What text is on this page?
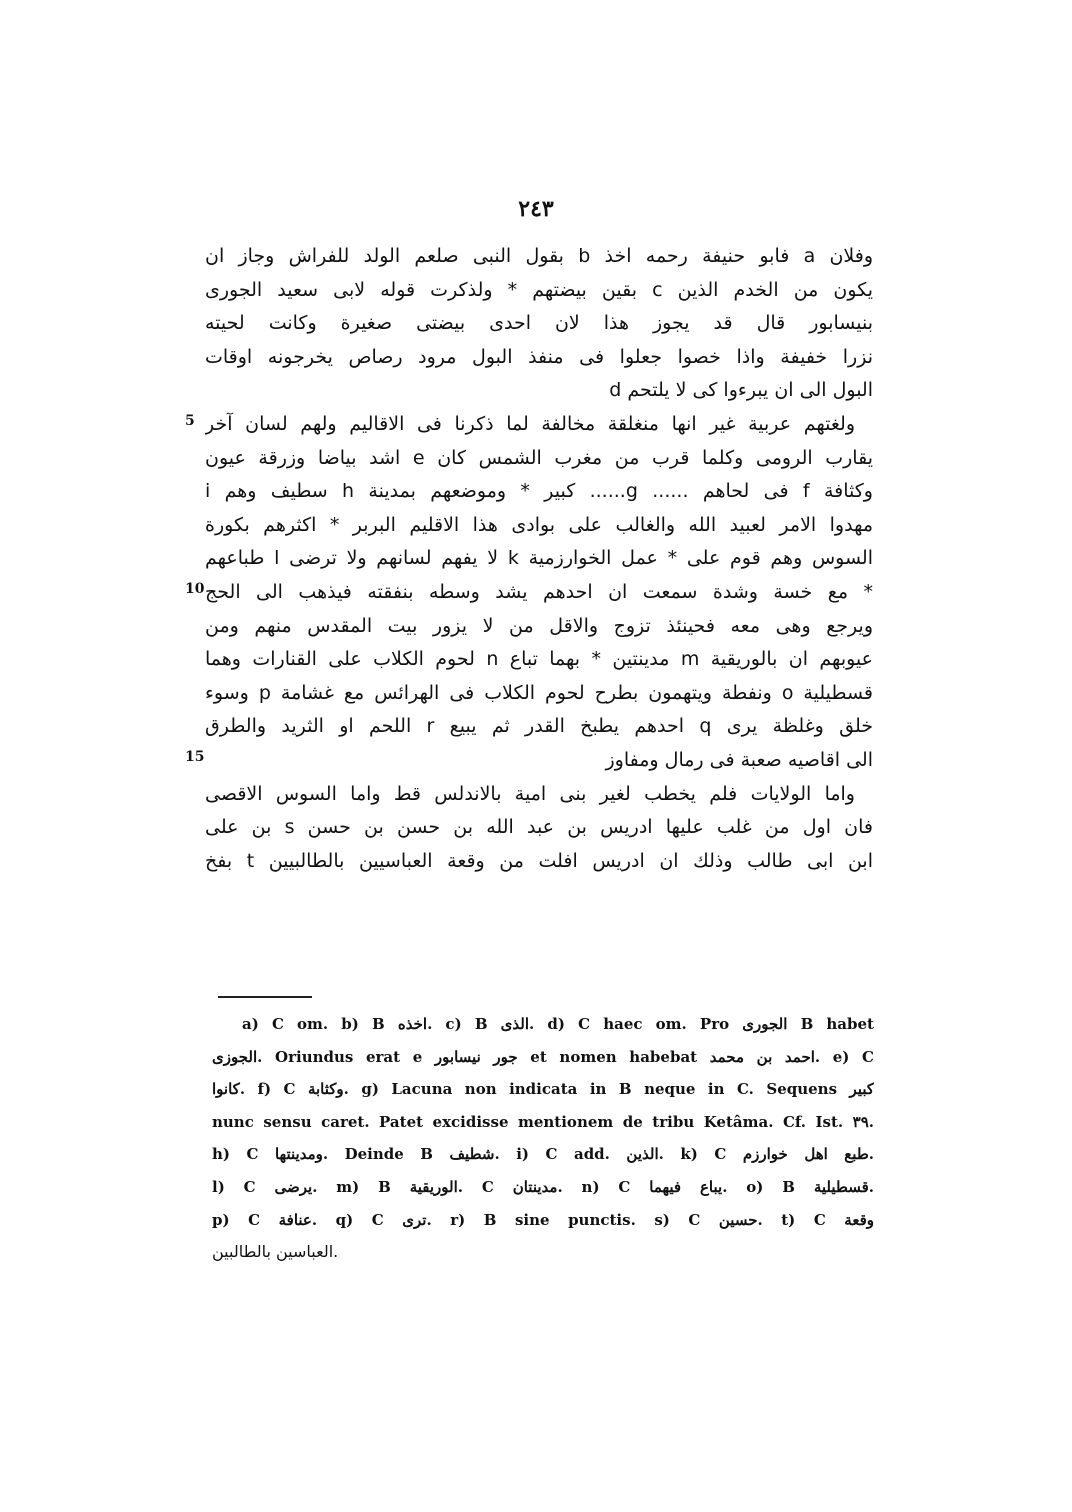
٢٤٣
وفلان a فابو حنيفة رحمه اخذ b بقول النبى صلعم الولد للفراش وجاز ان
يكون من الخدم الذين c بقين بيضتهم * ولذكرت قوله لابى سعيد الجورى
بنيسابور قال قد يجوز هذا لان احدى بيضتى صغيرة وكانت لحيته
نزرا خفيفة واذا خصوا جعلوا فى منفذ البول مرود رصاص يخرجونه اوقات
البول الى ان يبرءوا كى لا يلتحم d
ولغتهم عربية غير انها منغلقة مخالفة لما ذكرنا فى الاقاليم ولهم لسان آخر
يقارب الرومى وكلما قرب من مغرب الشمس كان e اشد بياضا وزرقة عيون
وكثافة f فى لحاهم ...... g...... كبير * وموضعهم بمدينة h سطيف وهم i
مهدوا الامر لعبيد الله والغالب على بوادى هذا الاقليم البربر * اكثرهم بكورة
السوس وهم قوم على * عمل الخوارزمية k لا يفهم لسانهم ولا ترضى l طباعهم
* مع خسة وشدة سمعت ان احدهم يشد وسطه بنفقته فيذهب الى الحج
ويرجع وهى معه فحينئذ تزوج والاقل من لا يزور بيت المقدس منهم ومن
عيوبهم ان بالوريقية m مدينتين * بهما تباع n لحوم الكلاب على القنارات وهما
قسطيلية o ونفطة ويتهمون بطرح لحوم الكلاب فى الهرائس مع غشامة p وسوء
خلق وغلظة يرى q احدهم يطبخ القدر ثم يبيع r اللحم او الثريد والطرق
الى اقاصيه صعبة فى رمال ومفاوز
واما الولايات فلم يخطب لغير بنى امية بالاندلس قط واما السوس الاقصى
فان اول من غلب عليها ادريس بن عبد الله بن حسن بن حسن s بن على
ابن ابى طالب وذلك ان ادريس افلت من وقعة العباسيين بالطالبيين t بفخ
5
10
15
a) C om. b) B اخذه. c) B الذى. d) C haec om. Pro الجورى B habet
الجوزى. Oriundus erat e جور نيسابور et nomen habebat احمد بن محمد. e) C
كانوا. f) C وكثابة. g) Lacuna non indicata in B neque in C. Sequens كبير
nunc sensu caret. Patet excidisse mentionem de tribu Ketâma. Cf. Ist. ٣٩.
h) C ومدينتها. Deinde B شطيف. i) C add. الذين. k) C طبع اهل خوارزم.
l) C يرضى. m) B الوريقية. C مدينتان. n) C يباع فيهما. o) B قسطيلية.
p) C عنافة. q) C ترى. r) B sine punctis. s) C حسين. t) C وقعة
العباسين بالطالبين.
